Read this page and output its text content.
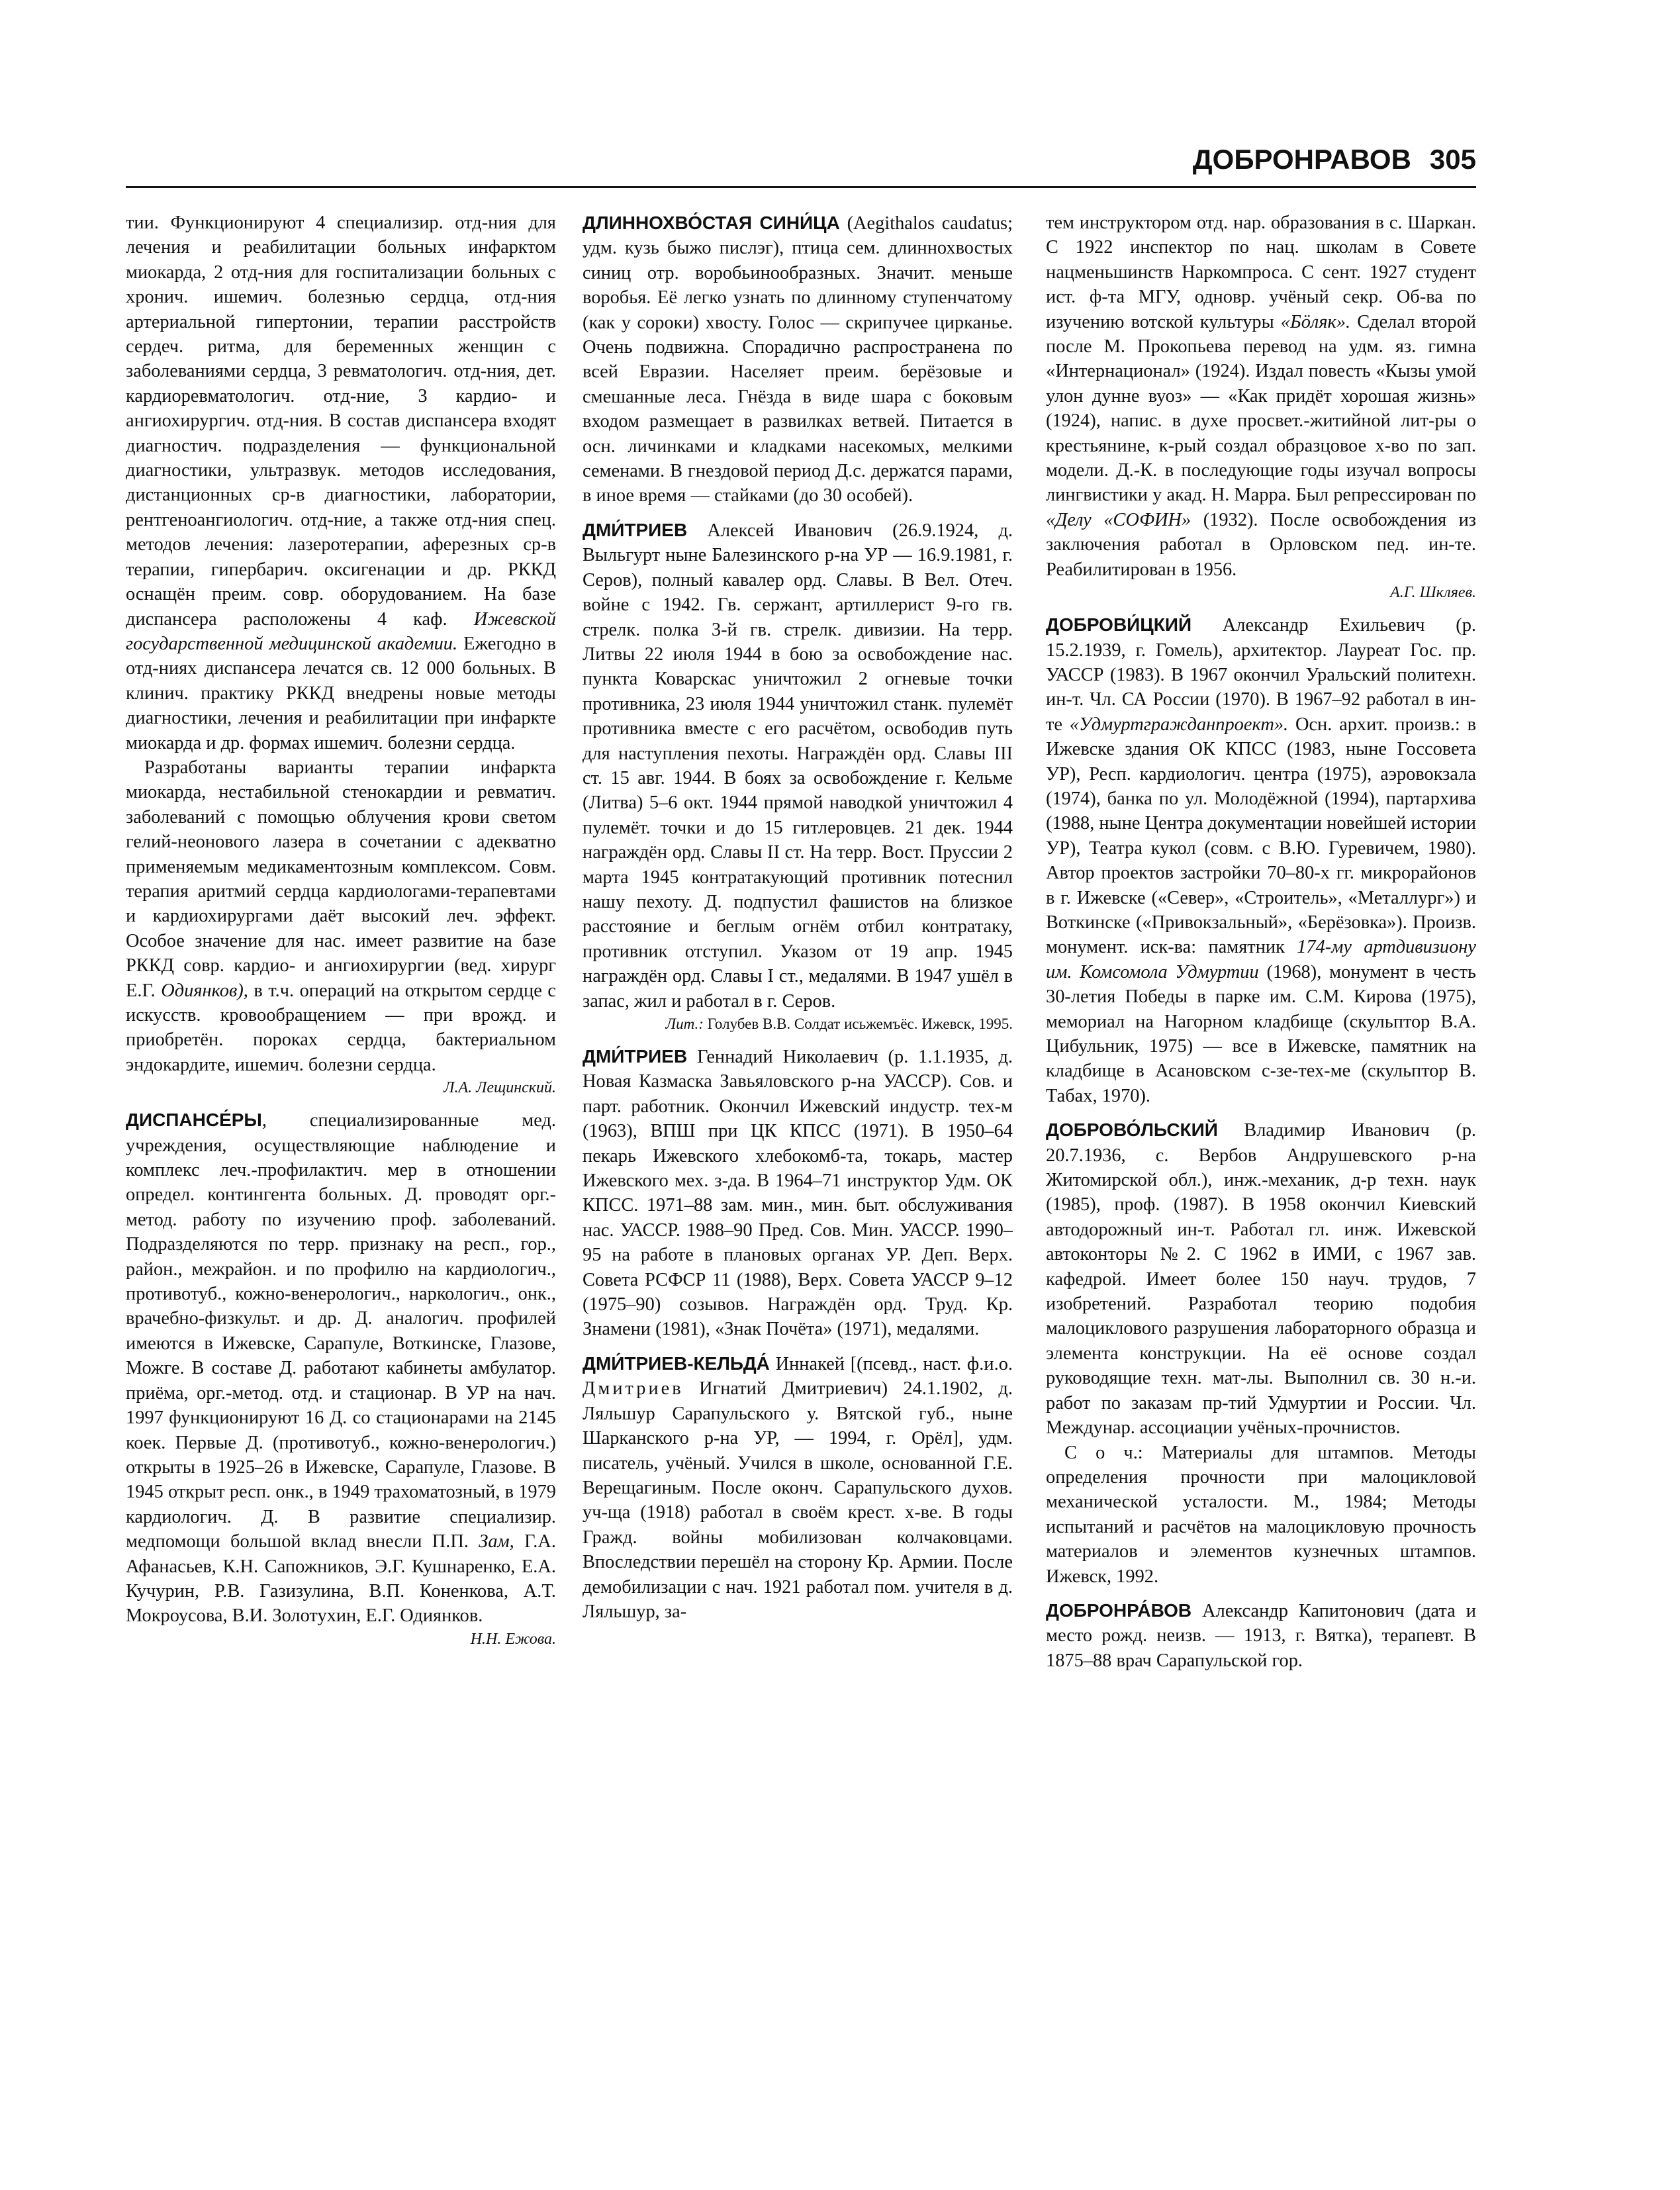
ДОБРОНРАВОВ 305

тии. Функционируют 4 специализир. отд-ния для лечения и реабилитации больных инфарктом миокарда, 2 отд-ния для госпитализации больных с хронич. ишемич. болезнью сердца, отд-ния артериальной гипертонии, терапии расстройств сердеч. ритма, для беременных женщин с заболеваниями сердца, 3 ревматологич. отд-ния, дет. кардиоревматологич. отд-ние, 3 кардио- и ангиохирургич. отд-ния. В состав диспансера входят диагностич. подразделения — функциональной диагностики, ультразвук. методов исследования, дистанционных ср-в диагностики, лаборатории, рентгеноангиологич. отд-ние, а также отд-ния спец. методов лечения: лазеротерапии, аферезных ср-в терапии, гипербарич. оксигенации и др. РККД оснащён преим. совр. оборудованием. На базе диспансера расположены 4 каф. Ижевской государственной медицинской академии. Ежегодно в отд-ниях диспансера лечатся св. 12 000 больных. В клинич. практику РККД внедрены новые методы диагностики, лечения и реабилитации при инфаркте миокарда и др. формах ишемич. болезни сердца.

Разработаны варианты терапии инфаркта миокарда, нестабильной стенокардии и ревматич. заболеваний с помощью облучения крови светом гелий-неонового лазера в сочетании с адекватно применяемым медикаментозным комплексом. Совм. терапия аритмий сердца кардиологами-терапевтами и кардиохирургами даёт высокий леч. эффект. Особое значение для нас. имеет развитие на базе РККД совр. кардио- и ангиохирургии (вед. хирург Е.Г. Одиянков), в т.ч. операций на открытом сердце с искусств. кровообращением — при врожд. и приобретён. пороках сердца, бактериальном эндокардите, ишемич. болезни сердца.

Л.А. Лещинский.

ДИСПАНСЕ́РЫ, специализированные мед. учреждения, осуществляющие наблюдение и комплекс леч.-профилактич. мер в отношении определ. контингента больных. Д. проводят орг.-метод. работу по изучению проф. заболеваний. Подразделяются по терр. признаку на респ., гор., район., межрайон. и по профилю на кардиологич., противотуб., кожно-венерологич., наркологич., онк., врачебно-физкульт. и др. Д. аналогич. профилей имеются в Ижевске, Сарапуле, Воткинске, Глазове, Можге. В составе Д. работают кабинеты амбулатор. приёма, орг.-метод. отд. и стационар. В УР на нач. 1997 функционируют 16 Д. со стационарами на 2145 коек. Первые Д. (противотуб., кожно-венерологич.) открыты в 1925–26 в Ижевске, Сарапуле, Глазове. В 1945 открыт респ. онк., в 1949 трахоматозный, в 1979 кардиологич. Д. В развитие специализир. медпомощи большой вклад внесли П.П. Зам, Г.А. Афанасьев, К.Н. Сапожников, Э.Г. Кушнаренко, Е.А. Кучурин, Р.В. Газизулина, В.П. Коненкова, А.Т. Мокроусова, В.И. Золотухин, Е.Г. Одиянков.

Н.Н. Ежова.

ДЛИННОХВО́СТАЯ СИНИ́ЦА (Aegithalos caudatus; удм. кузь быжо пислэг), птица сем. длиннохвостых синиц отр. воробьинообразных. Значит. меньше воробья. Её легко узнать по длинному ступенчатому (как у сороки) хвосту. Голос — скрипучее цирканье. Очень подвижна. Спорадично распространена по всей Евразии. Населяет преим. берёзовые и смешанные леса. Гнёзда в виде шара с боковым входом размещает в развилках ветвей. Питается в осн. личинками и кладками насекомых, мелкими семенами. В гнездовой период Д.с. держатся парами, в иное время — стайками (до 30 особей).

ДМИ́ТРИЕВ Алексей Иванович (26.9.1924, д. Выльгурт ныне Балезинского р-на УР — 16.9.1981, г. Серов), полный кавалер орд. Славы. В Вел. Отеч. войне с 1942. Гв. сержант, артиллерист 9-го гв. стрелк. полка 3-й гв. стрелк. дивизии. На терр. Литвы 22 июля 1944 в бою за освобождение нас. пункта Коварскас уничтожил 2 огневые точки противника, 23 июля 1944 уничтожил станк. пулемёт противника вместе с его расчётом, освободив путь для наступления пехоты. Награждён орд. Славы III ст. 15 авг. 1944. В боях за освобождение г. Кельме (Литва) 5–6 окт. 1944 прямой наводкой уничтожил 4 пулемёт. точки и до 15 гитлеровцев. 21 дек. 1944 награждён орд. Славы II ст. На терр. Вост. Пруссии 2 марта 1945 контратакующий противник потеснил нашу пехоту. Д. подпустил фашистов на близкое расстояние и беглым огнём отбил контратаку, противник отступил. Указом от 19 апр. 1945 награждён орд. Славы I ст., медалями. В 1947 ушёл в запас, жил и работал в г. Серов.

Лит.: Голубев В.В. Солдат исьжемъёс. Ижевск, 1995.

ДМИ́ТРИЕВ Геннадий Николаевич (р. 1.1.1935, д. Новая Казмаска Завьяловского р-на УАССР). Сов. и парт. работник. Окончил Ижевский индустр. тех-м (1963), ВПШ при ЦК КПСС (1971). В 1950–64 пекарь Ижевского хлебокомб-та, токарь, мастер Ижевского мех. з-да. В 1964–71 инструктор Удм. ОК КПСС. 1971–88 зам. мин., мин. быт. обслуживания нас. УАССР. 1988–90 Пред. Сов. Мин. УАССР. 1990–95 на работе в плановых органах УР. Деп. Верх. Совета РСФСР 11 (1988), Верх. Совета УАССР 9–12 (1975–90) созывов. Награждён орд. Труд. Кр. Знамени (1981), «Знак Почёта» (1971), медалями.

ДМИ́ТРИЕВ-КЕЛЬДА́ Иннакей [(псевд., наст. ф.и.о. Дмитриев Игнатий Дмитриевич) 24.1.1902, д. Ляльшур Сарапульского у. Вятской губ., ныне Шарканского р-на УР, — 1994, г. Орёл], удм. писатель, учёный. Учился в школе, основанной Г.Е. Верещагиным. После оконч. Сарапульского духов. уч-ща (1918) работал в своём крест. х-ве. В годы Гражд. войны мобилизован колчаковцами. Впоследствии перешёл на сторону Кр. Армии. После демобилизации с нач. 1921 работал пом. учителя в д. Ляльшур, за-

тем инструктором отд. нар. образования в с. Шаркан. С 1922 инспектор по нац. школам в Совете нацменьшинств Наркомпроса. С сент. 1927 студент ист. ф-та МГУ, одновр. учёный секр. Об-ва по изучению вотской культуры «Бöляк». Сделал второй после М. Прокопьева перевод на удм. яз. гимна «Интернационал» (1924). Издал повесть «Кызы умой улон дунне вуоз» — «Как придёт хорошая жизнь» (1924), напис. в духе просвет.-житийной лит-ры о крестьянине, к-рый создал образцовое х-во по зап. модели. Д.-К. в последующие годы изучал вопросы лингвистики у акад. Н. Марра. Был репрессирован по «Делу «СОФИН» (1932). После освобождения из заключения работал в Орловском пед. ин-те. Реабилитирован в 1956.

А.Г. Шкляев.

ДОБРОВИ́ЦКИЙ Александр Ехильевич (р. 15.2.1939, г. Гомель), архитектор. Лауреат Гос. пр. УАССР (1983). В 1967 окончил Уральский политехн. ин-т. Чл. СА России (1970). В 1967–92 работал в ин-те «Удмуртгражданпроект». Осн. архит. произв.: в Ижевске здания ОК КПСС (1983, ныне Госсовета УР), Респ. кардиологич. центра (1975), аэровокзала (1974), банка по ул. Молодёжной (1994), партархива (1988, ныне Центра документации новейшей истории УР), Театра кукол (совм. с В.Ю. Гуревичем, 1980). Автор проектов застройки 70–80-х гг. микрорайонов в г. Ижевске («Север», «Строитель», «Металлург») и Воткинске («Привокзальный», «Берёзовка»). Произв. монумент. иск-ва: памятник 174-му артдивизиону им. Комсомола Удмуртии (1968), монумент в честь 30-летия Победы в парке им. С.М. Кирова (1975), мемориал на Нагорном кладбище (скульптор В.А. Цибульник, 1975) — все в Ижевске, памятник на кладбище в Асановском с-зе-тех-ме (скульптор В. Табах, 1970).

ДОБРОВО́ЛЬСКИЙ Владимир Иванович (р. 20.7.1936, с. Вербов Андрушевского р-на Житомирской обл.), инж.-механик, д-р техн. наук (1985), проф. (1987). В 1958 окончил Киевский автодорожный ин-т. Работал гл. инж. Ижевской автоконторы №2. С 1962 в ИМИ, с 1967 зав. кафедрой. Имеет более 150 науч. трудов, 7 изобретений. Разработал теорию подобия малоциклового разрушения лабораторного образца и элемента конструкции. На её основе создал руководящие техн. мат-лы. Выполнил св. 30 н.-и. работ по заказам пр-тий Удмуртии и России. Чл. Междунар. ассоциации учёных-прочнистов.

С о ч.: Материалы для штампов. Методы определения прочности при малоцикловой механической усталости. М., 1984; Методы испытаний и расчётов на малоцикловую прочность материалов и элементов кузнечных штампов. Ижевск, 1992.

ДОБРОНРА́ВОВ Александр Капитонович (дата и место рожд. неизв. — 1913, г. Вятка), терапевт. В 1875–88 врач Сарапульской гор.
